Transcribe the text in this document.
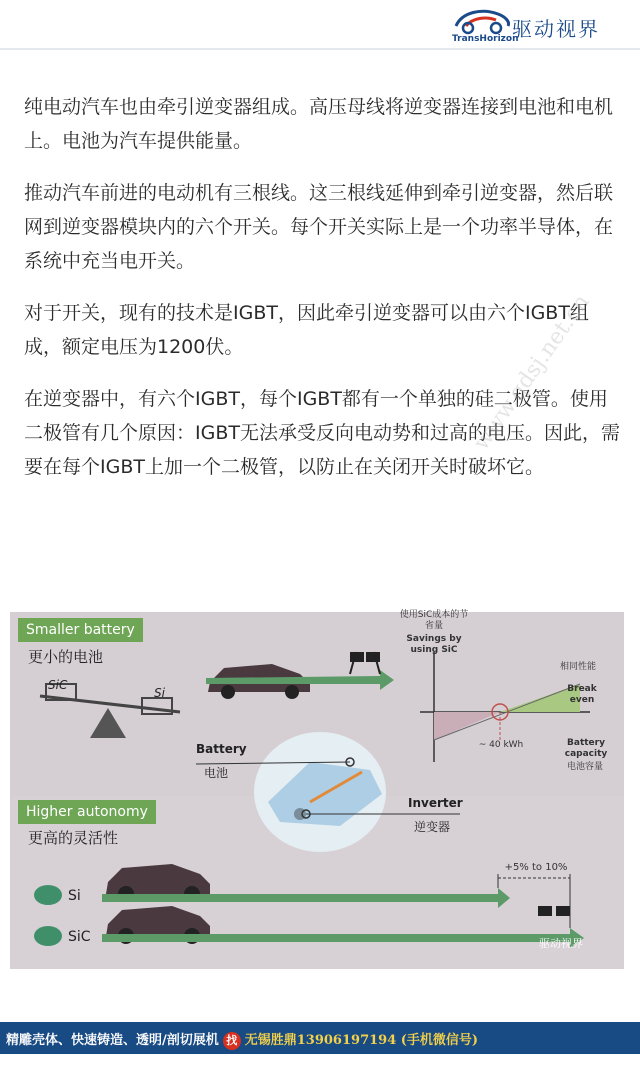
驱动视界
TransHorizon

纯电动汽车也由牵引逆变器组成。高压母线将逆变器连接到电池和电机上。电池为汽车提供能量。

推动汽车前进的电动机有三根线。这三根线延伸到牵引逆变器，然后联网到逆变器模块内的六个开关。每个开关实际上是一个功率半导体，在系统中充当电开关。

对于开关，现有的技术是IGBT，因此牵引逆变器可以由六个IGBT组成，额定电压为1200伏。

在逆变器中，有六个IGBT，每个IGBT都有一个单独的硅二极管。使用二极管有几个原因：IGBT无法承受反向电动势和过高的电压。因此，需要在每个IGBT上加一个二极管，以防止在关闭开关时破坏它。

www.qdsj.net.cn
Smaller battery
更小的电池
SiC
Si
使用SiC成本的节省量
Savings by using SiC
相同性能
Break even
~ 40 kWh	Battery capacity
电池容量
Battery
电池
Inverter
逆变器
Higher autonomy
更高的灵活性
Si
SiC
+5% to 10%
驱动视界
精雕壳体、快速铸造、透明/剖切展机 找 无锡胜鼎13906197194 (手机微信号)
